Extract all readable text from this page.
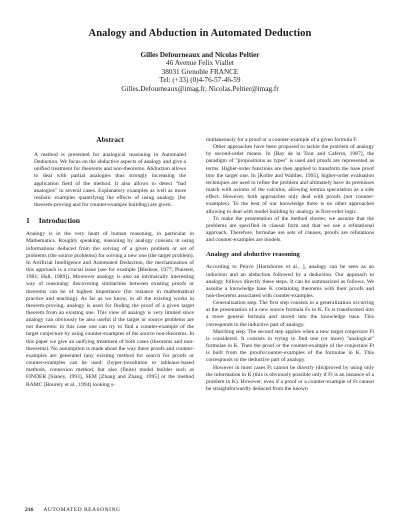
Analogy and Abduction in Automated Deduction
Gilles Defourneaux and Nicolas Peltier
46 Avenue Felix Viallet
38031 Grenoble FRANCE
Tel: (+33) (0)4-76-57-46-59
Gilles.Defourneaux@imag.fr, Nicolas.Peltier@imag.fr
Abstract

A method is presented for analogical reasoning in Automated Deduction. We focus on the abductive aspects of analogy and give a unified treatment for theorems and non-theorems. Abduction allows to deal with partial analogies thus strongly increasing the application field of the method. It also allows to detect "bad analogies" in several cases. Explanatory examples as well as more realistic examples quantifying the effects of using analogy (for theorem-proving and for counter-example building) are given.

1 Introduction

Analogy is in the very heart of human reasoning, in particular in Mathematics. Roughly speaking, reasoning by analogy consists in using informations deduced from the solving of a given problem or set of problems (the source problems) for solving a new one (the target problem). In Artificial Intelligence and Automated Deduction, the mechanization of this approach is a crucial issue (see for example [Bledsoe, 1977; Plaisted, 1981; Hall, 1989]). Moreover analogy is also an intrinsically interesting way of reasoning: discovering similarities between existing proofs or theorems can be of highest importance (for instance in mathematical practice and teaching). As far as we know, in all the existing works in theorem-proving, analogy is used for finding the proof of a given target theorem from an existing one. This view of analogy is very limited since analogy can obviously be also useful if the target or source problems are not theorems: in this case one can try to find a counter-example of the target conjecture by using counter-examples of the source non-theorems. In this paper we give an unifying treatment of both cases (theorems and non-theorems). No assumption is made about the way these proofs and counter-examples are generated (any existing method for search for proofs or counter-examples can be used: (hyper-)resolution or tableaux-based methods, connexion method, but also (finite) model builder such as FINDER [Slaney, 1993], SEM [Zhang and Zhang, 1995] or the method RAMC [Bourely et al., 1994] looking s-

multaneously for a proof or a counter-example of a given formula F.

Other approaches have been proposed to tackle the problem of analogy by second-order means. In [Bay de la Tour and Caferra, 1987], the paradigm of "propositions as types" is used and proofs are represented as terms. Higher-order functions are then applied to transform the base proof into the target one. In [Kolbe and Walther, 1995], higher-order evaluation techniques are used to refine the problem and ultimately have its premisses match with axioms of the calculus, allowing lemma speculation as a side effect. However, both approaches only deal with proofs (not counter-examples). To the best of our knowledge there is no other approaches allowing to deal with model building by analogy in first-order logic.

To make the presentation of the method shorter, we assume that the problems are specified in clausal form and that we use a refutational approach. Therefore, formulae are sets of clauses, proofs are refutations and counter-examples are models.

Analogy and abductive reasoning

According to Peirce [Hartshorne et al., ], analogy can be seen as an induction and an abduction followed by a deduction. Our approach to analogy follows directly these steps. It can be summarized as follows. We assume a knowledge base K containing theorems with their proofs and non-theorems associated with counter-examples.

Generalization step. The first step consists in a generalization occurring at the presentation of a new source formula Fs to K. Fs is transformed into a more general formula and stored into the knowledge base. This corresponds to the inductive part of analogy.

Matching step. The second step applies when a new target conjecture Ft is considered. It consists in trying to find one (or more) "analogical" formulae in K. Then the proof or the counter-example of the conjecture Ft is built from the proofs/counter-examples of the formulae in K. This corresponds to the deductive part of analogy.

However in most cases Ft cannot be directly (dis)proved by using only the information in K (this is obviously possible only if Ft is an instance of a problem in K). However, even if a proof or a counter-example of Ft cannot be straightforwardly deduced from the known

216 AUTOMATED REASONING
